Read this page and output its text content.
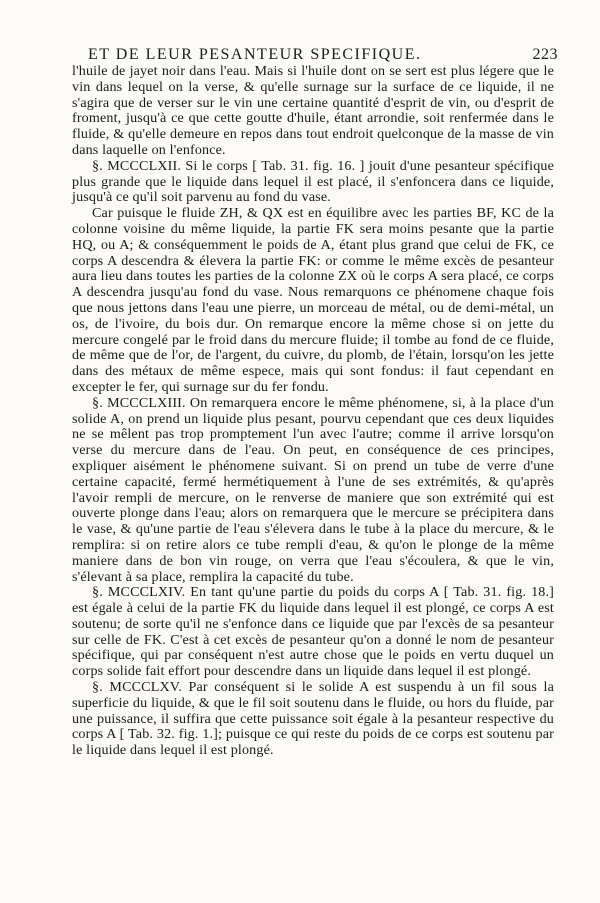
ET DE LEUR PESANTEUR SPECIFIQUE.	223

l'huile de jayet noir dans l'eau. Mais si l'huile dont on se sert est plus légere que le vin dans lequel on la verse, & qu'elle surnage sur la surface de ce liquide, il ne s'agira que de verser sur le vin une certaine quantité d'esprit de vin, ou d'esprit de froment, jusqu'à ce que cette goutte d'huile, étant arrondie, soit renfermée dans le fluide, & qu'elle demeure en repos dans tout endroit quelconque de la masse de vin dans laquelle on l'enfonce.

§. MCCCLXII. Si le corps [ Tab. 31. fig. 16. ] jouit d'une pesanteur spécifique plus grande que le liquide dans lequel il est placé, il s'enfoncera dans ce liquide, jusqu'à ce qu'il soit parvenu au fond du vase.

Car puisque le fluide ZH, & QX est en équilibre avec les parties BF, KC de la colonne voisine du même liquide, la partie FK sera moins pesante que la partie HQ, ou A; & conséquemment le poids de A, étant plus grand que celui de FK, ce corps A descendra & élevera la partie FK: or comme le même excès de pesanteur aura lieu dans toutes les parties de la colonne ZX où le corps A sera placé, ce corps A descendra jusqu'au fond du vase. Nous remarquons ce phénomene chaque fois que nous jettons dans l'eau une pierre, un morceau de métal, ou de demi-métal, un os, de l'ivoire, du bois dur. On remarque encore la même chose si on jette du mercure congelé par le froid dans du mercure fluide; il tombe au fond de ce fluide, de même que de l'or, de l'argent, du cuivre, du plomb, de l'étain, lorsqu'on les jette dans des métaux de même espece, mais qui sont fondus: il faut cependant en excepter le fer, qui surnage sur du fer fondu.

§. MCCCLXIII. On remarquera encore le même phénomene, si, à la place d'un solide A, on prend un liquide plus pesant, pourvu cependant que ces deux liquides ne se mêlent pas trop promptement l'un avec l'autre; comme il arrive lorsqu'on verse du mercure dans de l'eau. On peut, en conséquence de ces principes, expliquer aisément le phénomene suivant. Si on prend un tube de verre d'une certaine capacité, fermé hermétiquement à l'une de ses extrémités, & qu'après l'avoir rempli de mercure, on le renverse de maniere que son extrémité qui est ouverte plonge dans l'eau; alors on remarquera que le mercure se précipitera dans le vase, & qu'une partie de l'eau s'élevera dans le tube à la place du mercure, & le remplira: si on retire alors ce tube rempli d'eau, & qu'on le plonge de la même maniere dans de bon vin rouge, on verra que l'eau s'écoulera, & que le vin, s'élevant à sa place, remplira la capacité du tube.

§. MCCCLXIV. En tant qu'une partie du poids du corps A [ Tab. 31. fig. 18.] est égale à celui de la partie FK du liquide dans lequel il est plongé, ce corps A est soutenu; de sorte qu'il ne s'enfonce dans ce liquide que par l'excès de sa pesanteur sur celle de FK. C'est à cet excès de pesanteur qu'on a donné le nom de pesanteur spécifique, qui par conséquent n'est autre chose que le poids en vertu duquel un corps solide fait effort pour descendre dans un liquide dans lequel il est plongé.

§. MCCCLXV. Par conséquent si le solide A est suspendu à un fil sous la superficie du liquide, & que le fil soit soutenu dans le fluide, ou hors du fluide, par une puissance, il suffira que cette puissance soit égale à la pesanteur respective du corps A [ Tab. 32. fig. 1.]; puisque ce qui reste du poids de ce corps est soutenu par le liquide dans lequel il est plongé.
